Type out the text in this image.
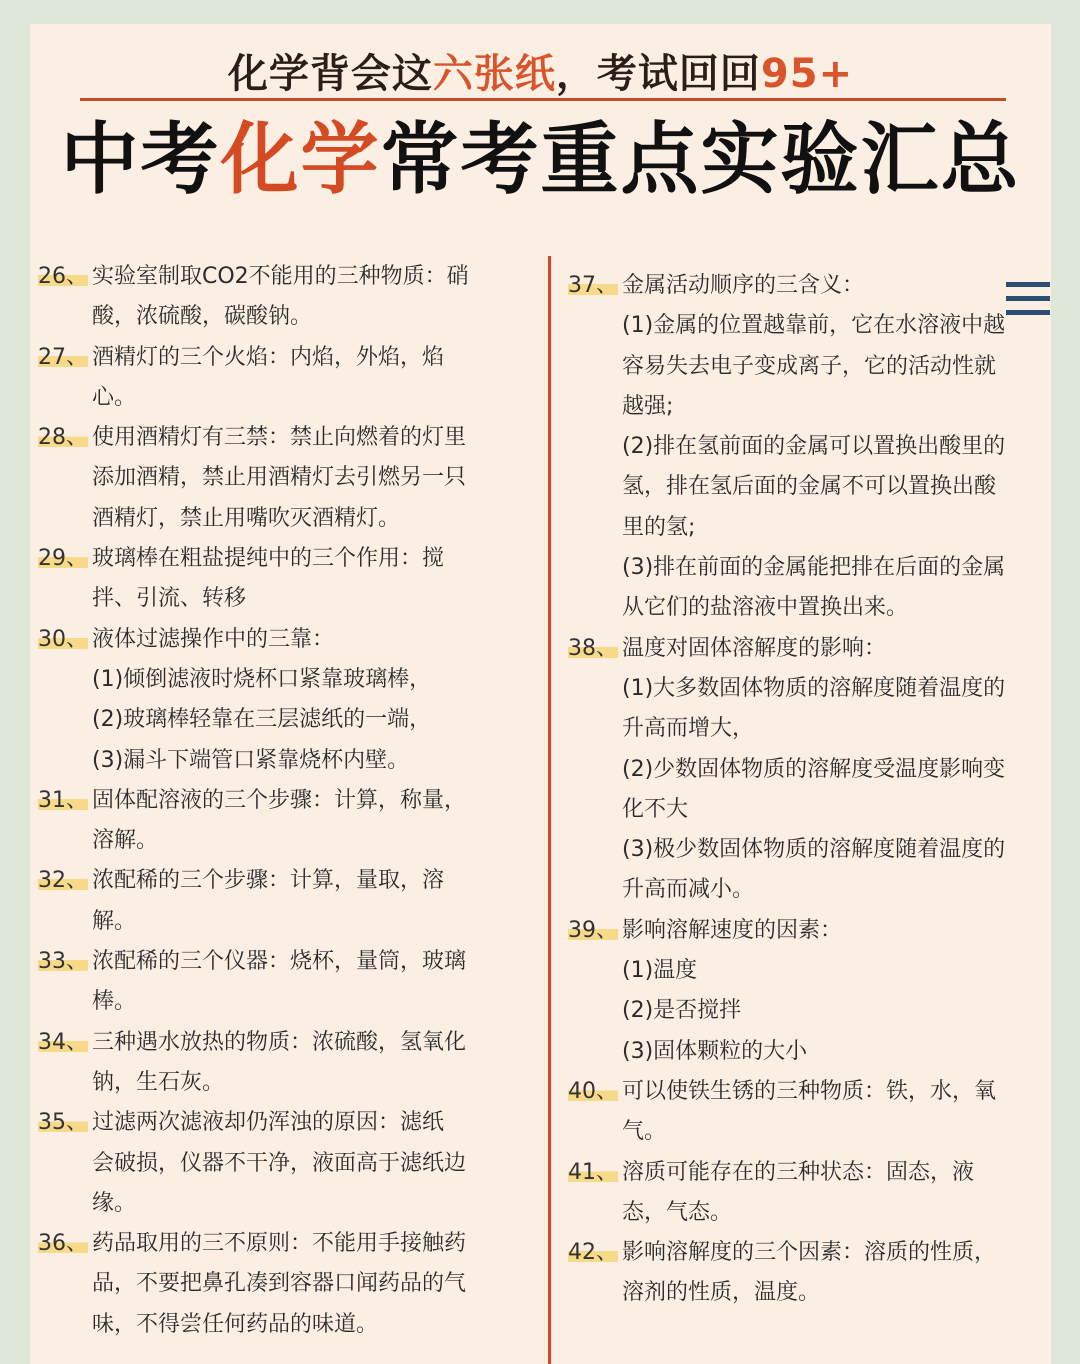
化学背会这六张纸，考试回回95+
中考化学常考重点实验汇总
26、 实验室制取CO2不能用的三种物质：硝
酸，浓硫酸，碳酸钠。
27、 酒精灯的三个火焰：内焰，外焰，焰
心。
28、 使用酒精灯有三禁：禁止向燃着的灯里
添加酒精，禁止用酒精灯去引燃另一只
酒精灯，禁止用嘴吹灭酒精灯。
29、 玻璃棒在粗盐提纯中的三个作用：搅
拌、引流、转移
30、 液体过滤操作中的三靠：
(1)倾倒滤液时烧杯口紧靠玻璃棒，
(2)玻璃棒轻靠在三层滤纸的一端，
(3)漏斗下端管口紧靠烧杯内壁。
31、 固体配溶液的三个步骤：计算，称量，
溶解。
32、 浓配稀的三个步骤：计算，量取，溶
解。
33、 浓配稀的三个仪器：烧杯，量筒，玻璃
棒。
34、 三种遇水放热的物质：浓硫酸，氢氧化
钠，生石灰。
35、 过滤两次滤液却仍浑浊的原因：滤纸
会破损，仪器不干净，液面高于滤纸边
缘。
36、 药品取用的三不原则：不能用手接触药
品，不要把鼻孔凑到容器口闻药品的气
味，不得尝任何药品的味道。
37、 金属活动顺序的三含义：
(1)金属的位置越靠前，它在水溶液中越
容易失去电子变成离子，它的活动性就
越强;
(2)排在氢前面的金属可以置换出酸里的
氢，排在氢后面的金属不可以置换出酸
里的氢;
(3)排在前面的金属能把排在后面的金属
从它们的盐溶液中置换出来。
38、 温度对固体溶解度的影响：
(1)大多数固体物质的溶解度随着温度的
升高而增大，
(2)少数固体物质的溶解度受温度影响变
化不大
(3)极少数固体物质的溶解度随着温度的
升高而减小。
39、 影响溶解速度的因素：
(1)温度
(2)是否搅拌
(3)固体颗粒的大小
40、 可以使铁生锈的三种物质：铁，水，氧
气。
41、 溶质可能存在的三种状态：固态，液
态，气态。
42、 影响溶解度的三个因素：溶质的性质，
溶剂的性质，温度。
